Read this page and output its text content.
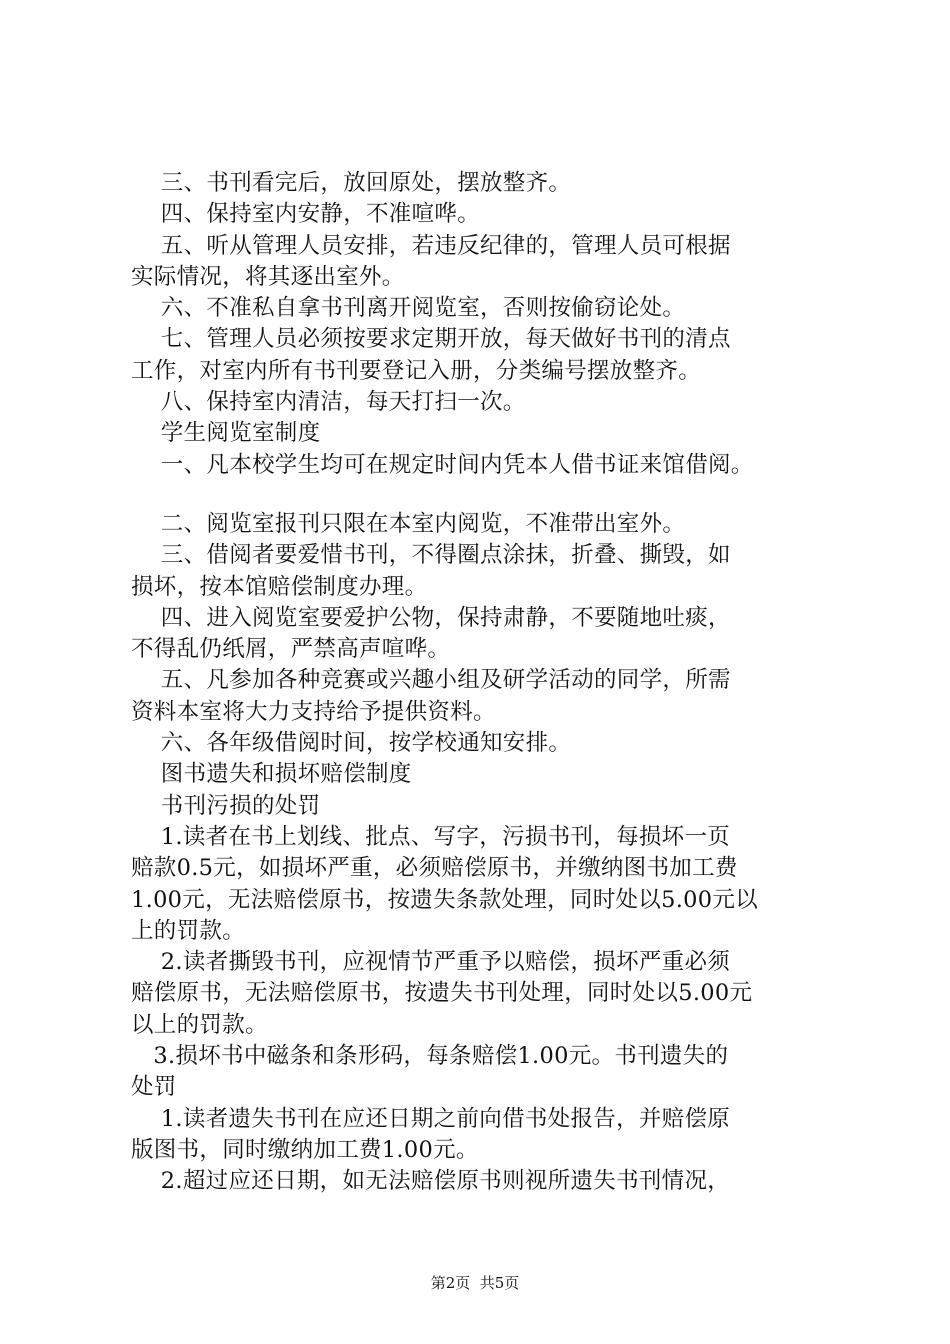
三、书刊看完后，放回原处，摆放整齐。
四、保持室内安静，不准喧哗。
五、听从管理人员安排，若违反纪律的，管理人员可根据
实际情况，将其逐出室外。
六、不准私自拿书刊离开阅览室，否则按偷窃论处。
七、管理人员必须按要求定期开放，每天做好书刊的清点
工作，对室内所有书刊要登记入册，分类编号摆放整齐。
八、保持室内清洁，每天打扫一次。
学生阅览室制度
一、凡本校学生均可在规定时间内凭本人借书证来馆借阅。
二、阅览室报刊只限在本室内阅览，不准带出室外。
三、借阅者要爱惜书刊，不得圈点涂抹，折叠、撕毁，如
损坏，按本馆赔偿制度办理。
四、进入阅览室要爱护公物，保持肃静，不要随地吐痰，
不得乱仍纸屑，严禁高声喧哗。
五、凡参加各种竞赛或兴趣小组及研学活动的同学，所需
资料本室将大力支持给予提供资料。
六、各年级借阅时间，按学校通知安排。
图书遗失和损坏赔偿制度
书刊污损的处罚
1.读者在书上划线、批点、写字，污损书刊，每损坏一页
赔款0.5元，如损坏严重，必须赔偿原书，并缴纳图书加工费
1.00元，无法赔偿原书，按遗失条款处理，同时处以5.00元以
上的罚款。
2.读者撕毁书刊，应视情节严重予以赔偿，损坏严重必须
赔偿原书，无法赔偿原书，按遗失书刊处理，同时处以5.00元
以上的罚款。
3.损坏书中磁条和条形码，每条赔偿1.00元。书刊遗失的
处罚
1.读者遗失书刊在应还日期之前向借书处报告，并赔偿原
版图书，同时缴纳加工费1.00元。
2.超过应还日期，如无法赔偿原书则视所遗失书刊情况，
第2页  共5页
